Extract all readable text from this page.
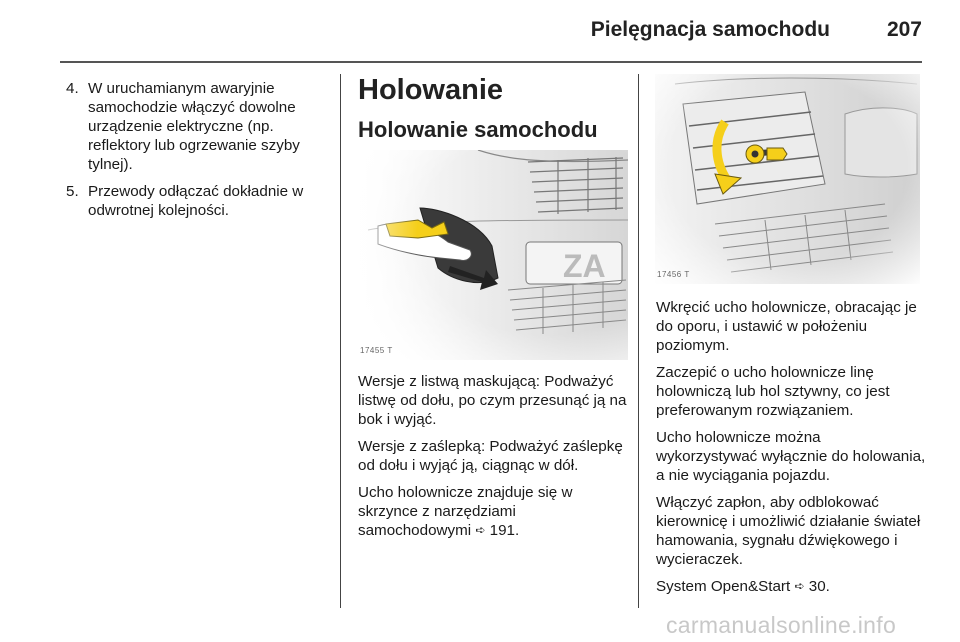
Pielęgnacja samochodu	207
4. W uruchamianym awaryjnie samochodzie włączyć dowolne urządzenie elektryczne (np. reflektory lub ogrzewanie szyby tylnej).
5. Przewody odłączać dokładnie w odwrotnej kolejności.
Holowanie
Holowanie samochodu
17455 T

Wersje z listwą maskującą: Podważyć listwę od dołu, po czym przesunąć ją na bok i wyjąć.

Wersje z zaślepką: Podważyć zaślepkę od dołu i wyjąć ją, ciągnąc w dół.

Ucho holownicze znajduje się w skrzynce z narzędziami samochodowymi ➪ 191.

17456 T

Wkręcić ucho holownicze, obracając je do oporu, i ustawić w położeniu poziomym.

Zaczepić o ucho holownicze linę holowniczą lub hol sztywny, co jest preferowanym rozwiązaniem.

Ucho holownicze można wykorzystywać wyłącznie do holowania, a nie wyciągania pojazdu.

Włączyć zapłon, aby odblokować kierownicę i umożliwić działanie świateł hamowania, sygnału dźwiękowego i wycieraczek.

System Open&Start ➪ 30.

carmanualsonline.info
